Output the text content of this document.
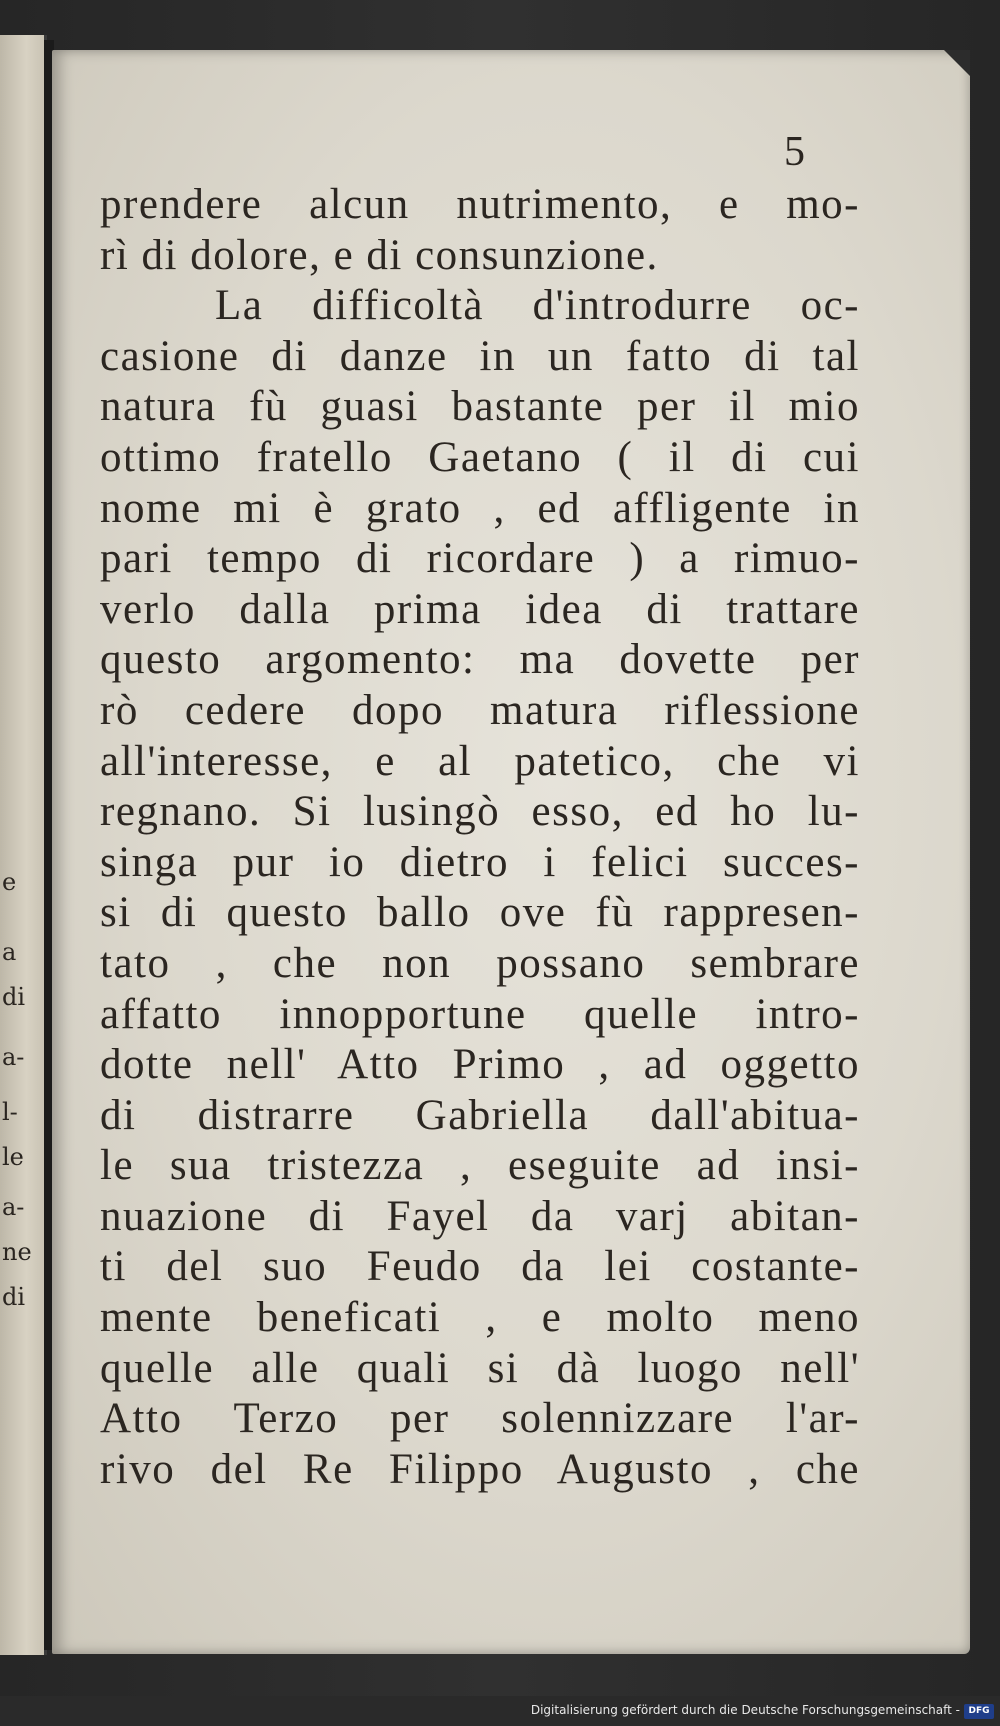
e
a
di
a-
l-
le
a-
ne
di
5
prendere alcun nutrimento, e mo-
rì di dolore, e di consunzione.
La difficoltà d'introdurre oc-
casione di danze in un fatto di tal
natura fù guasi bastante per il mio
ottimo fratello Gaetano ( il di cui
nome mi è grato , ed affligente in
pari tempo di ricordare ) a rimuo-
verlo dalla prima idea di trattare
questo argomento: ma dovette per
rò cedere dopo matura riflessione
all'interesse, e al patetico, che vi
regnano. Si lusingò esso, ed ho lu-
singa pur io dietro i felici succes-
si di questo ballo ove fù rappresen-
tato , che non possano sembrare
affatto innopportune quelle intro-
dotte nell' Atto Primo , ad oggetto
di distrarre Gabriella dall'abitua-
le sua tristezza , eseguite ad insi-
nuazione di Fayel da varj abitan-
ti del suo Feudo da lei costante-
mente beneficati , e molto meno
quelle alle quali si dà luogo nell'
Atto Terzo per solennizzare l'ar-
rivo del Re Filippo Augusto , che
Digitalisierung gefördert durch die Deutsche Forschungsgemeinschaft - DFG
